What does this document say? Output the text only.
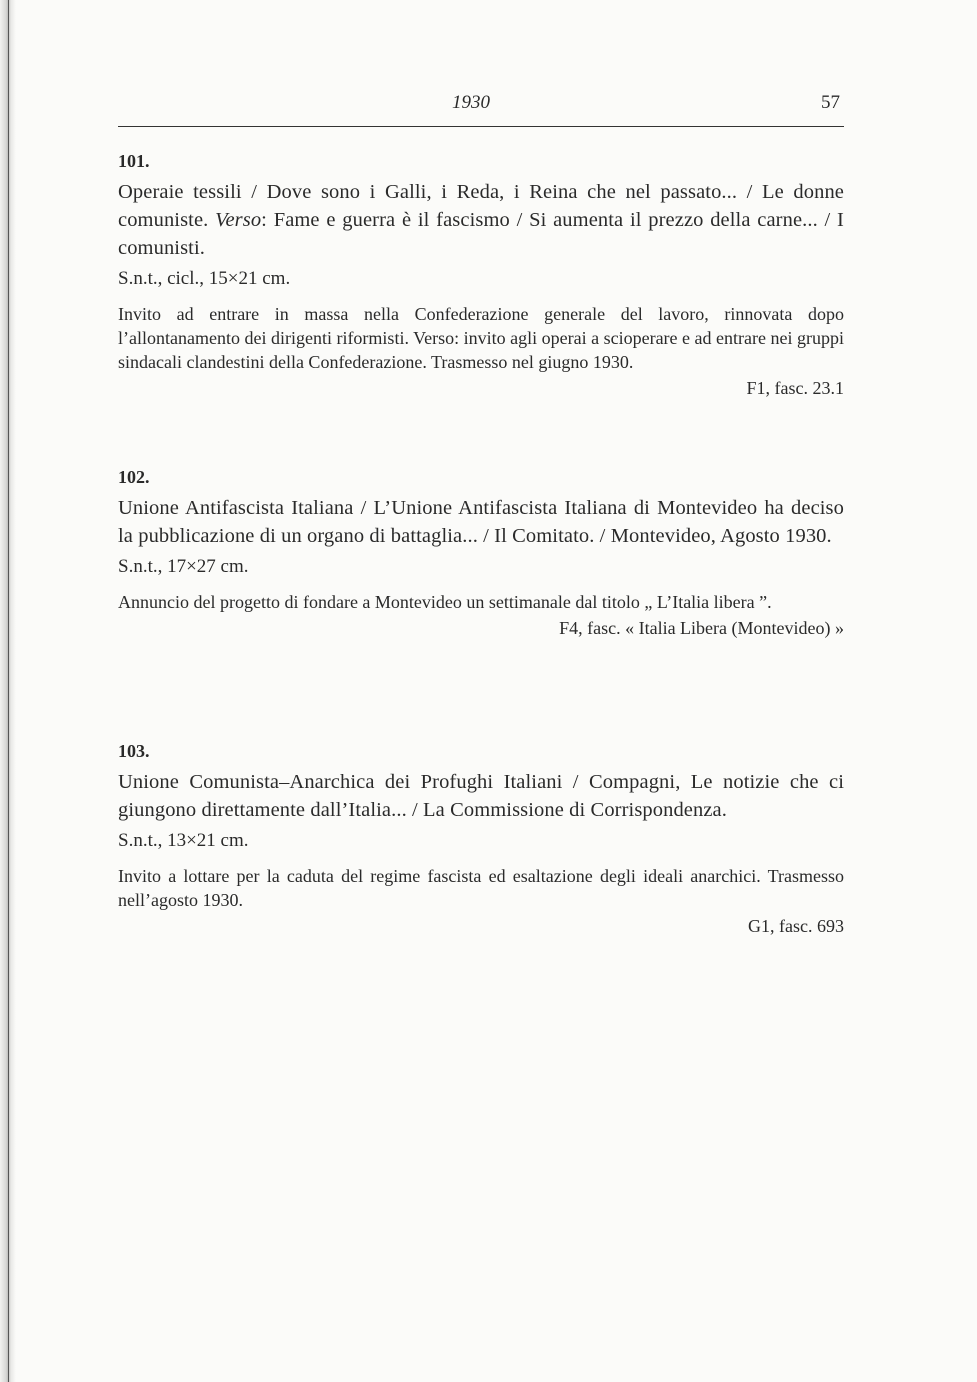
1930	57

101.

Operaie tessili / Dove sono i Galli, i Reda, i Reina che nel passato... / Le donne comuniste. Verso: Fame e guerra è il fascismo / Si aumenta il prezzo della carne... / I comunisti.

S.n.t., cicl., 15×21 cm.

Invito ad entrare in massa nella Confederazione generale del lavoro, rinnovata dopo l’allontanamento dei dirigenti riformisti. Verso: invito agli operai a scioperare e ad entrare nei gruppi sindacali clandestini della Confederazione. Trasmesso nel giugno 1930.

F1, fasc. 23.1

102.

Unione Antifascista Italiana / L’Unione Antifascista Italiana di Montevideo ha deciso la pubblicazione di un organo di battaglia... / Il Comitato. / Montevideo, Agosto 1930.

S.n.t., 17×27 cm.

Annuncio del progetto di fondare a Montevideo un settimanale dal titolo „ L’Italia libera ”.

F4, fasc. « Italia Libera (Montevideo) »

103.

Unione Comunista–Anarchica dei Profughi Italiani / Compagni, Le notizie che ci giungono direttamente dall’Italia... / La Commissione di Corrispondenza.

S.n.t., 13×21 cm.

Invito a lottare per la caduta del regime fascista ed esaltazione degli ideali anarchici. Trasmesso nell’agosto 1930.

G1, fasc. 693
